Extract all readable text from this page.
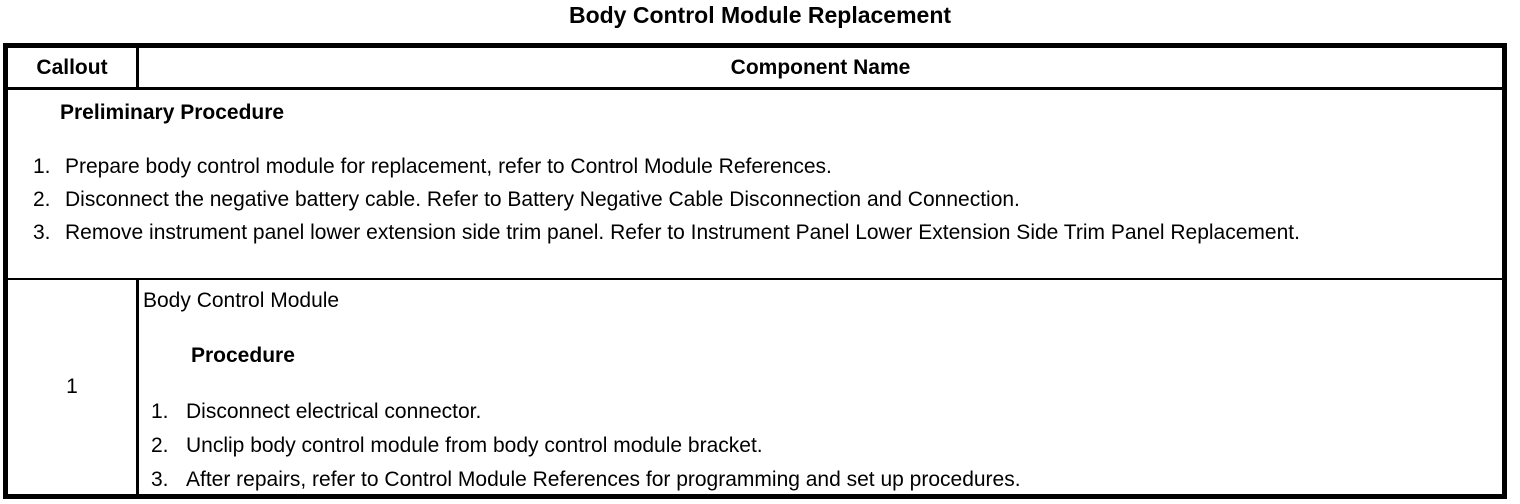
Body Control Module Replacement
Callout	Component Name
Preliminary Procedure
1. Prepare body control module for replacement, refer to Control Module References.
2. Disconnect the negative battery cable. Refer to Battery Negative Cable Disconnection and Connection.
3. Remove instrument panel lower extension side trim panel. Refer to Instrument Panel Lower Extension Side Trim Panel Replacement.
1
Body Control Module
Procedure
1. Disconnect electrical connector.
2. Unclip body control module from body control module bracket.
3. After repairs, refer to Control Module References for programming and set up procedures.
